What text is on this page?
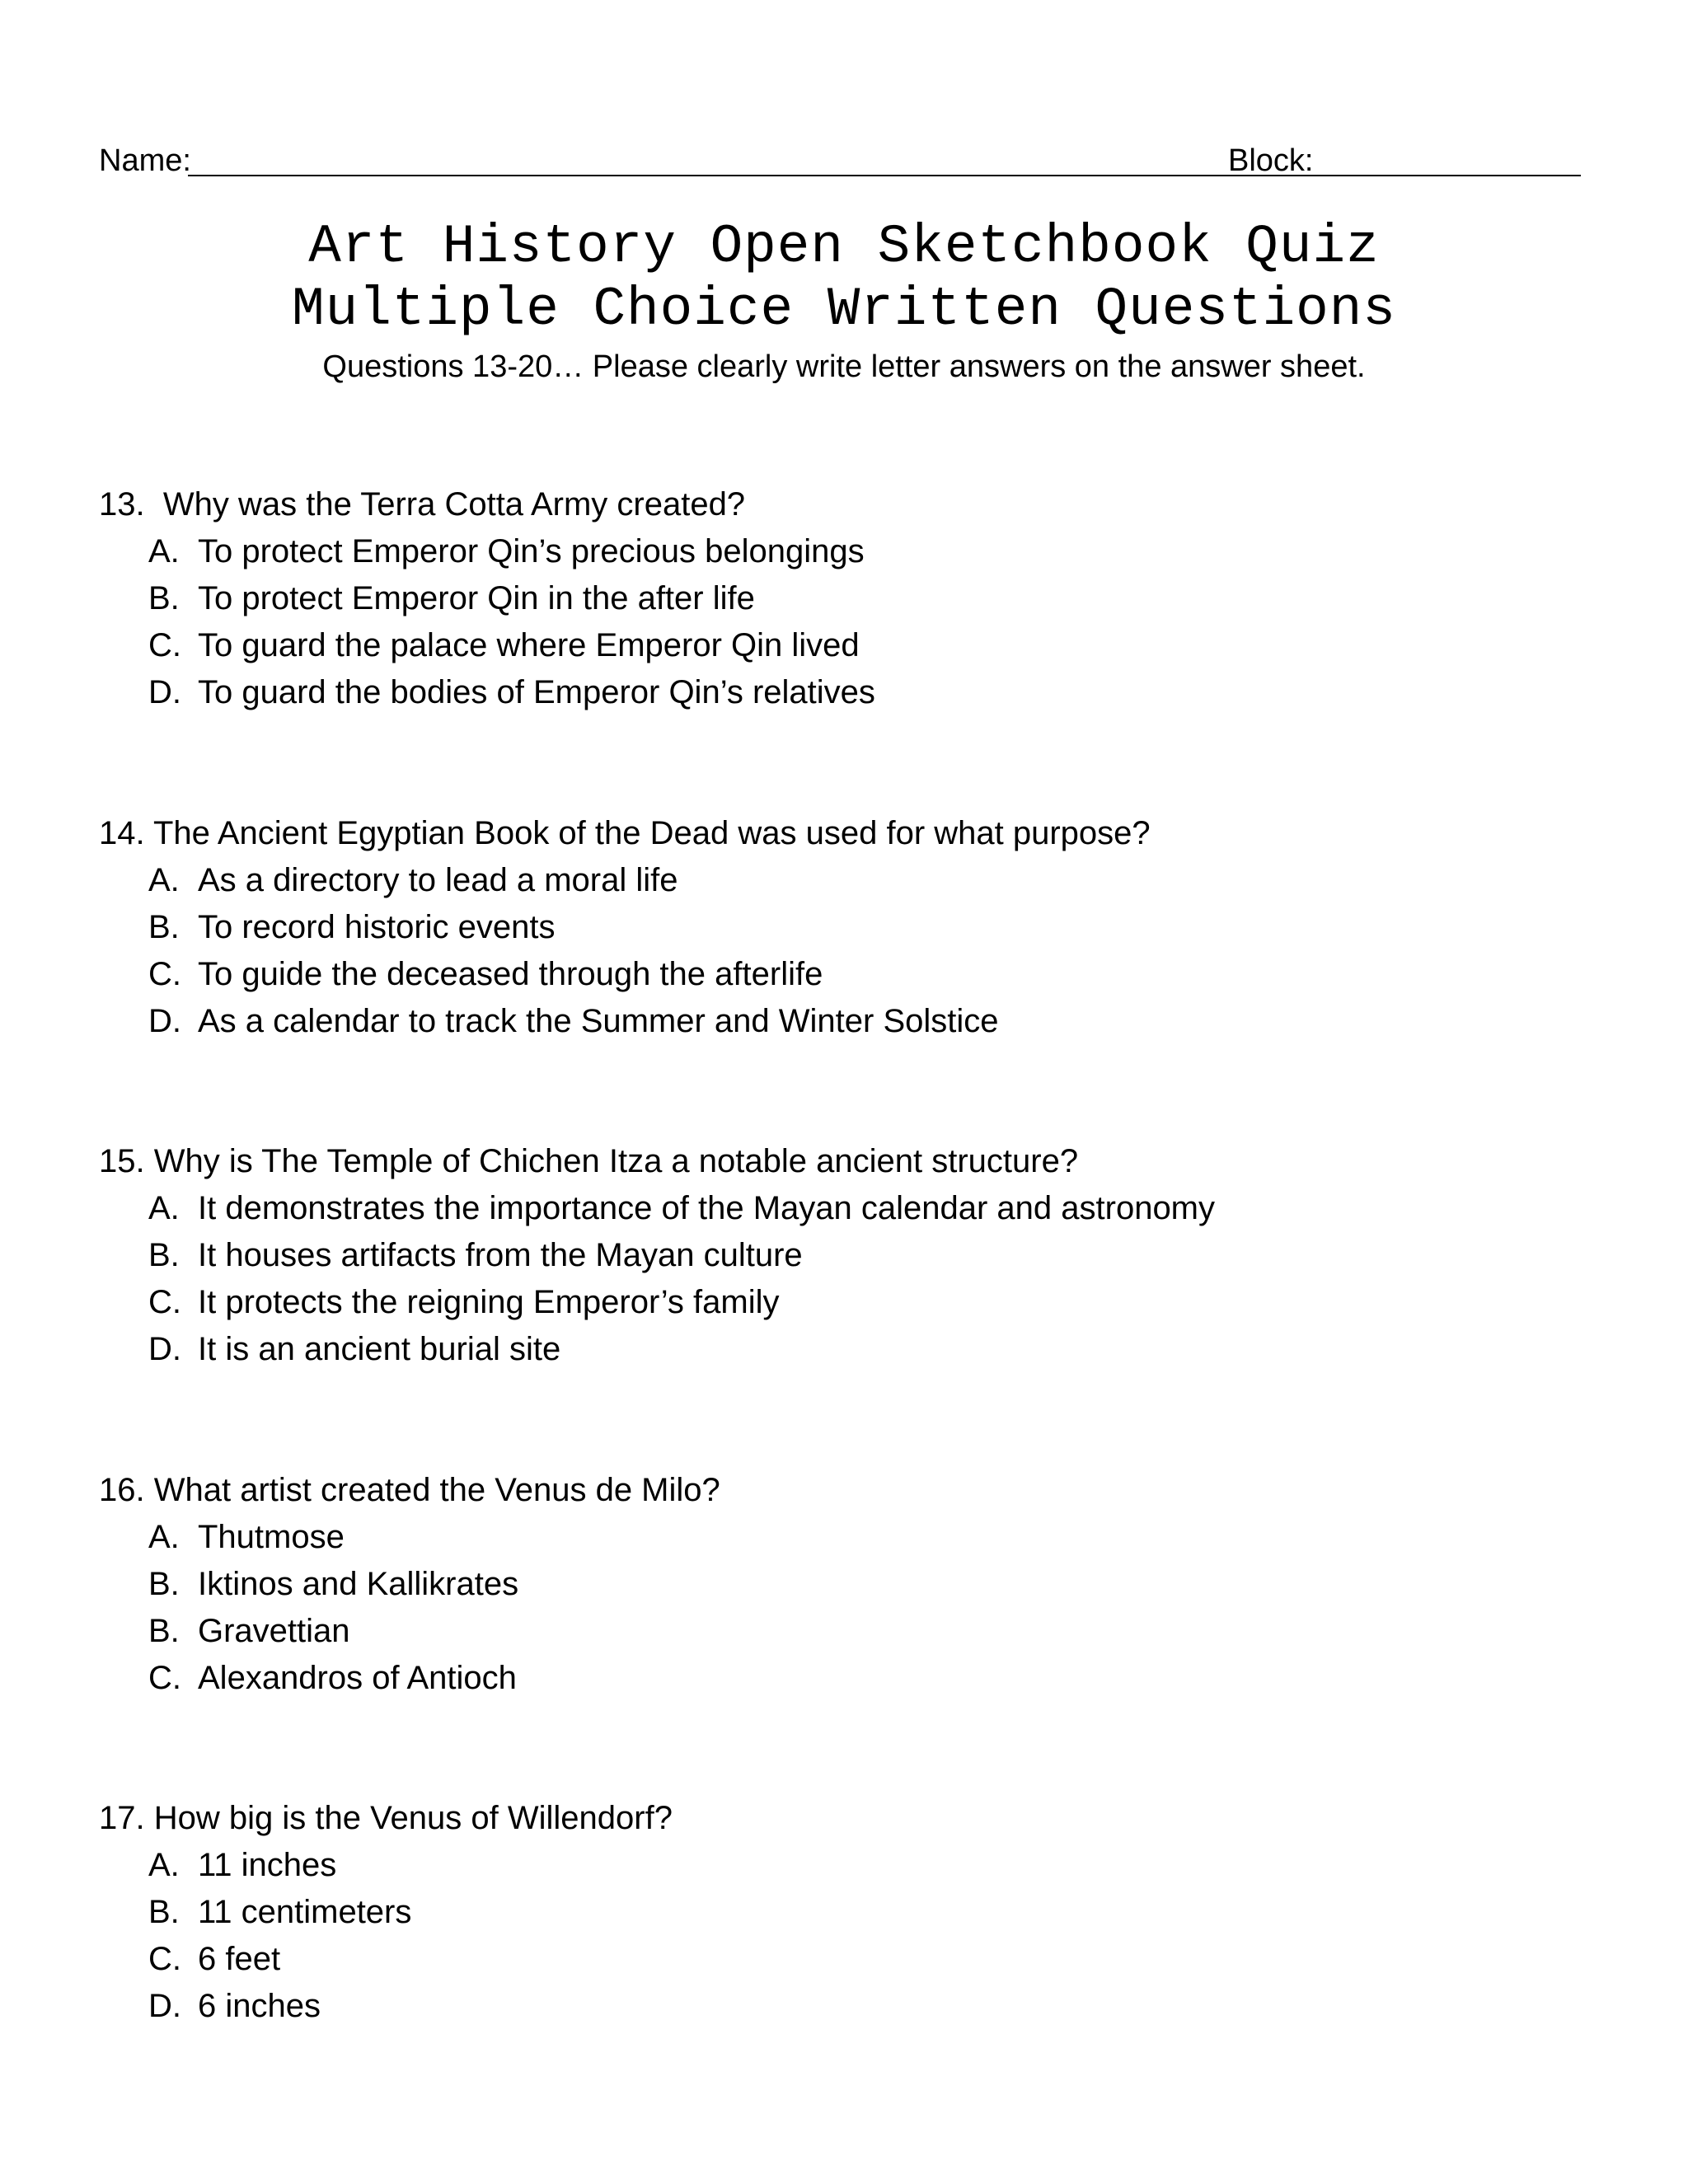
Name:	Block:
Art History Open Sketchbook Quiz
Multiple Choice Written Questions
Questions 13-20… Please clearly write letter answers on the answer sheet.
13. Why was the Terra Cotta Army created?
A. To protect Emperor Qin’s precious belongings
B. To protect Emperor Qin in the after life
C. To guard the palace where Emperor Qin lived
D. To guard the bodies of Emperor Qin’s relatives
14. The Ancient Egyptian Book of the Dead was used for what purpose?
A. As a directory to lead a moral life
B. To record historic events
C. To guide the deceased through the afterlife
D. As a calendar to track the Summer and Winter Solstice
15. Why is The Temple of Chichen Itza a notable ancient structure?
A. It demonstrates the importance of the Mayan calendar and astronomy
B. It houses artifacts from the Mayan culture
C. It protects the reigning Emperor’s family
D. It is an ancient burial site
16. What artist created the Venus de Milo?
A. Thutmose
B. Iktinos and Kallikrates
B. Gravettian
C. Alexandros of Antioch
17. How big is the Venus of Willendorf?
A. 11 inches
B. 11 centimeters
C. 6 feet
D. 6 inches
